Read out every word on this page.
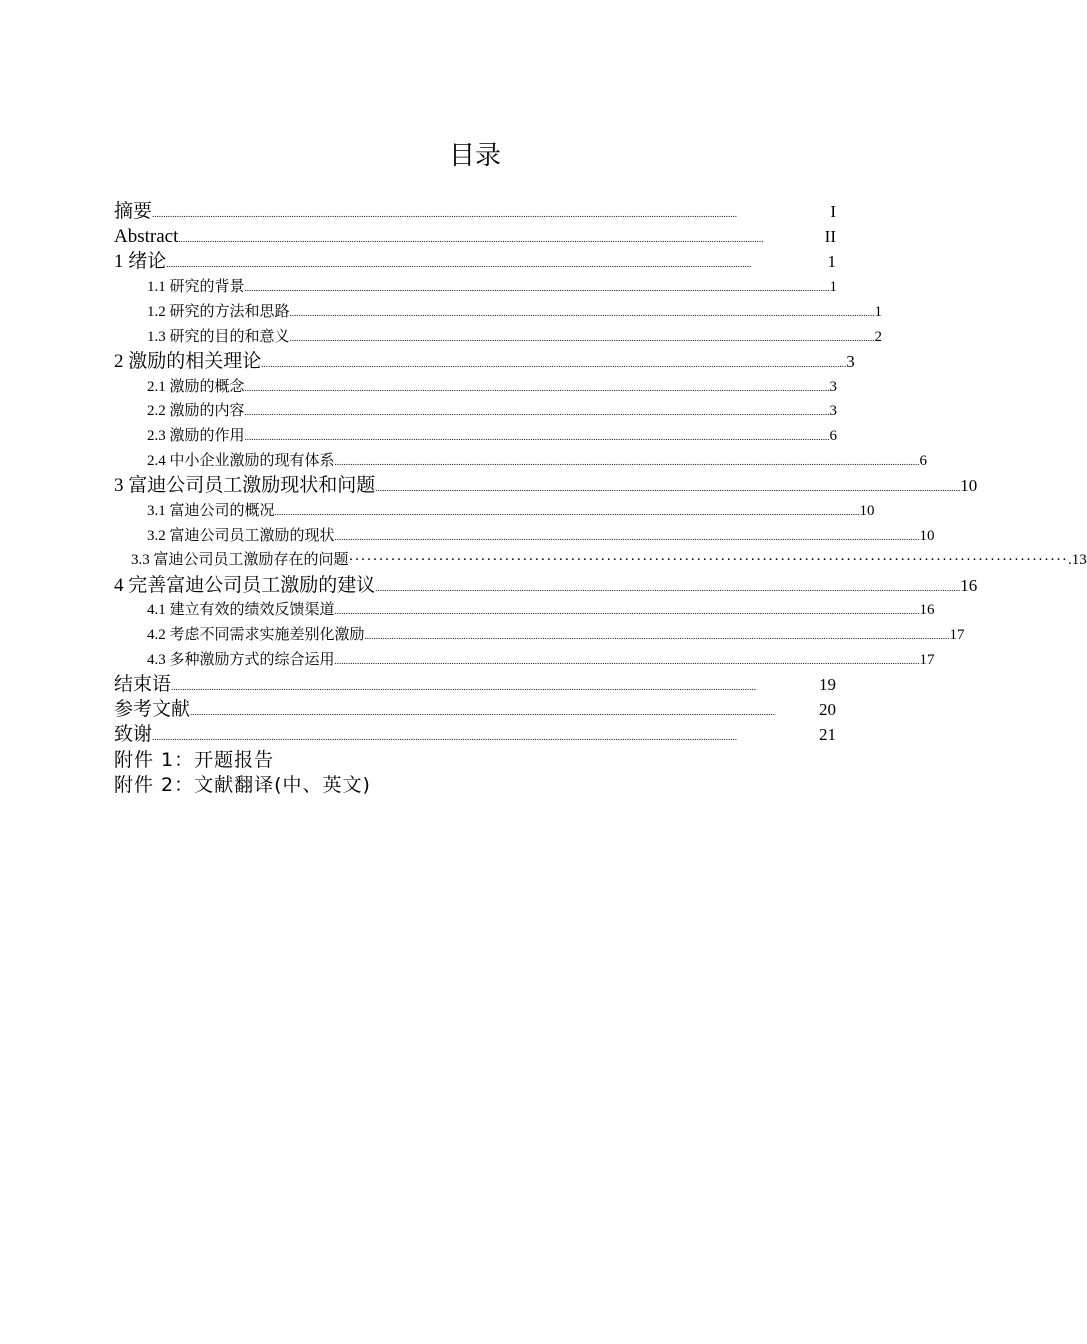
目录
摘要 ....................................................................................................................................................................................................................................................................	I
Abstract ....................................................................................................................................................................................................................................................................	II
1 绪论 ....................................................................................................................................................................................................................................................................	1
1.1 研究的背景 .................................................................................................................................................................................................................................................................... 1
1.2 研究的方法和思路 .................................................................................................................................................................................................................................................................... 1
1.3 研究的目的和意义 .................................................................................................................................................................................................................................................................... 2
2 激励的相关理论 .................................................................................................................................................................................................................................................................... 3
2.1 激励的概念 .................................................................................................................................................................................................................................................................... 3
2.2 激励的内容 .................................................................................................................................................................................................................................................................... 3
2.3 激励的作用 .................................................................................................................................................................................................................................................................... 6
2.4 中小企业激励的现有体系 .................................................................................................................................................................................................................................................................... 6
3 富迪公司员工激励现状和问题 .................................................................................................................................................................................................................................................................... 10
3.1 富迪公司的概况 .................................................................................................................................................................................................................................................................... 10
3.2 富迪公司员工激励的现状 .................................................................................................................................................................................................................................................................... 10
3.3 富迪公司员工激励存在的问题 ························································································································ .13
4 完善富迪公司员工激励的建议 .................................................................................................................................................................................................................................................................... 16
4.1 建立有效的绩效反馈渠道 .................................................................................................................................................................................................................................................................... 16
4.2 考虑不同需求实施差别化激励 .................................................................................................................................................................................................................................................................... 17
4.3 多种激励方式的综合运用 .................................................................................................................................................................................................................................................................... 17
结束语 ....................................................................................................................................................................................................................................................................	19
参考文献 ....................................................................................................................................................................................................................................................................	20
致谢 ....................................................................................................................................................................................................................................................................	21
附件 1：开题报告
附件 2：文献翻译(中、英文)
